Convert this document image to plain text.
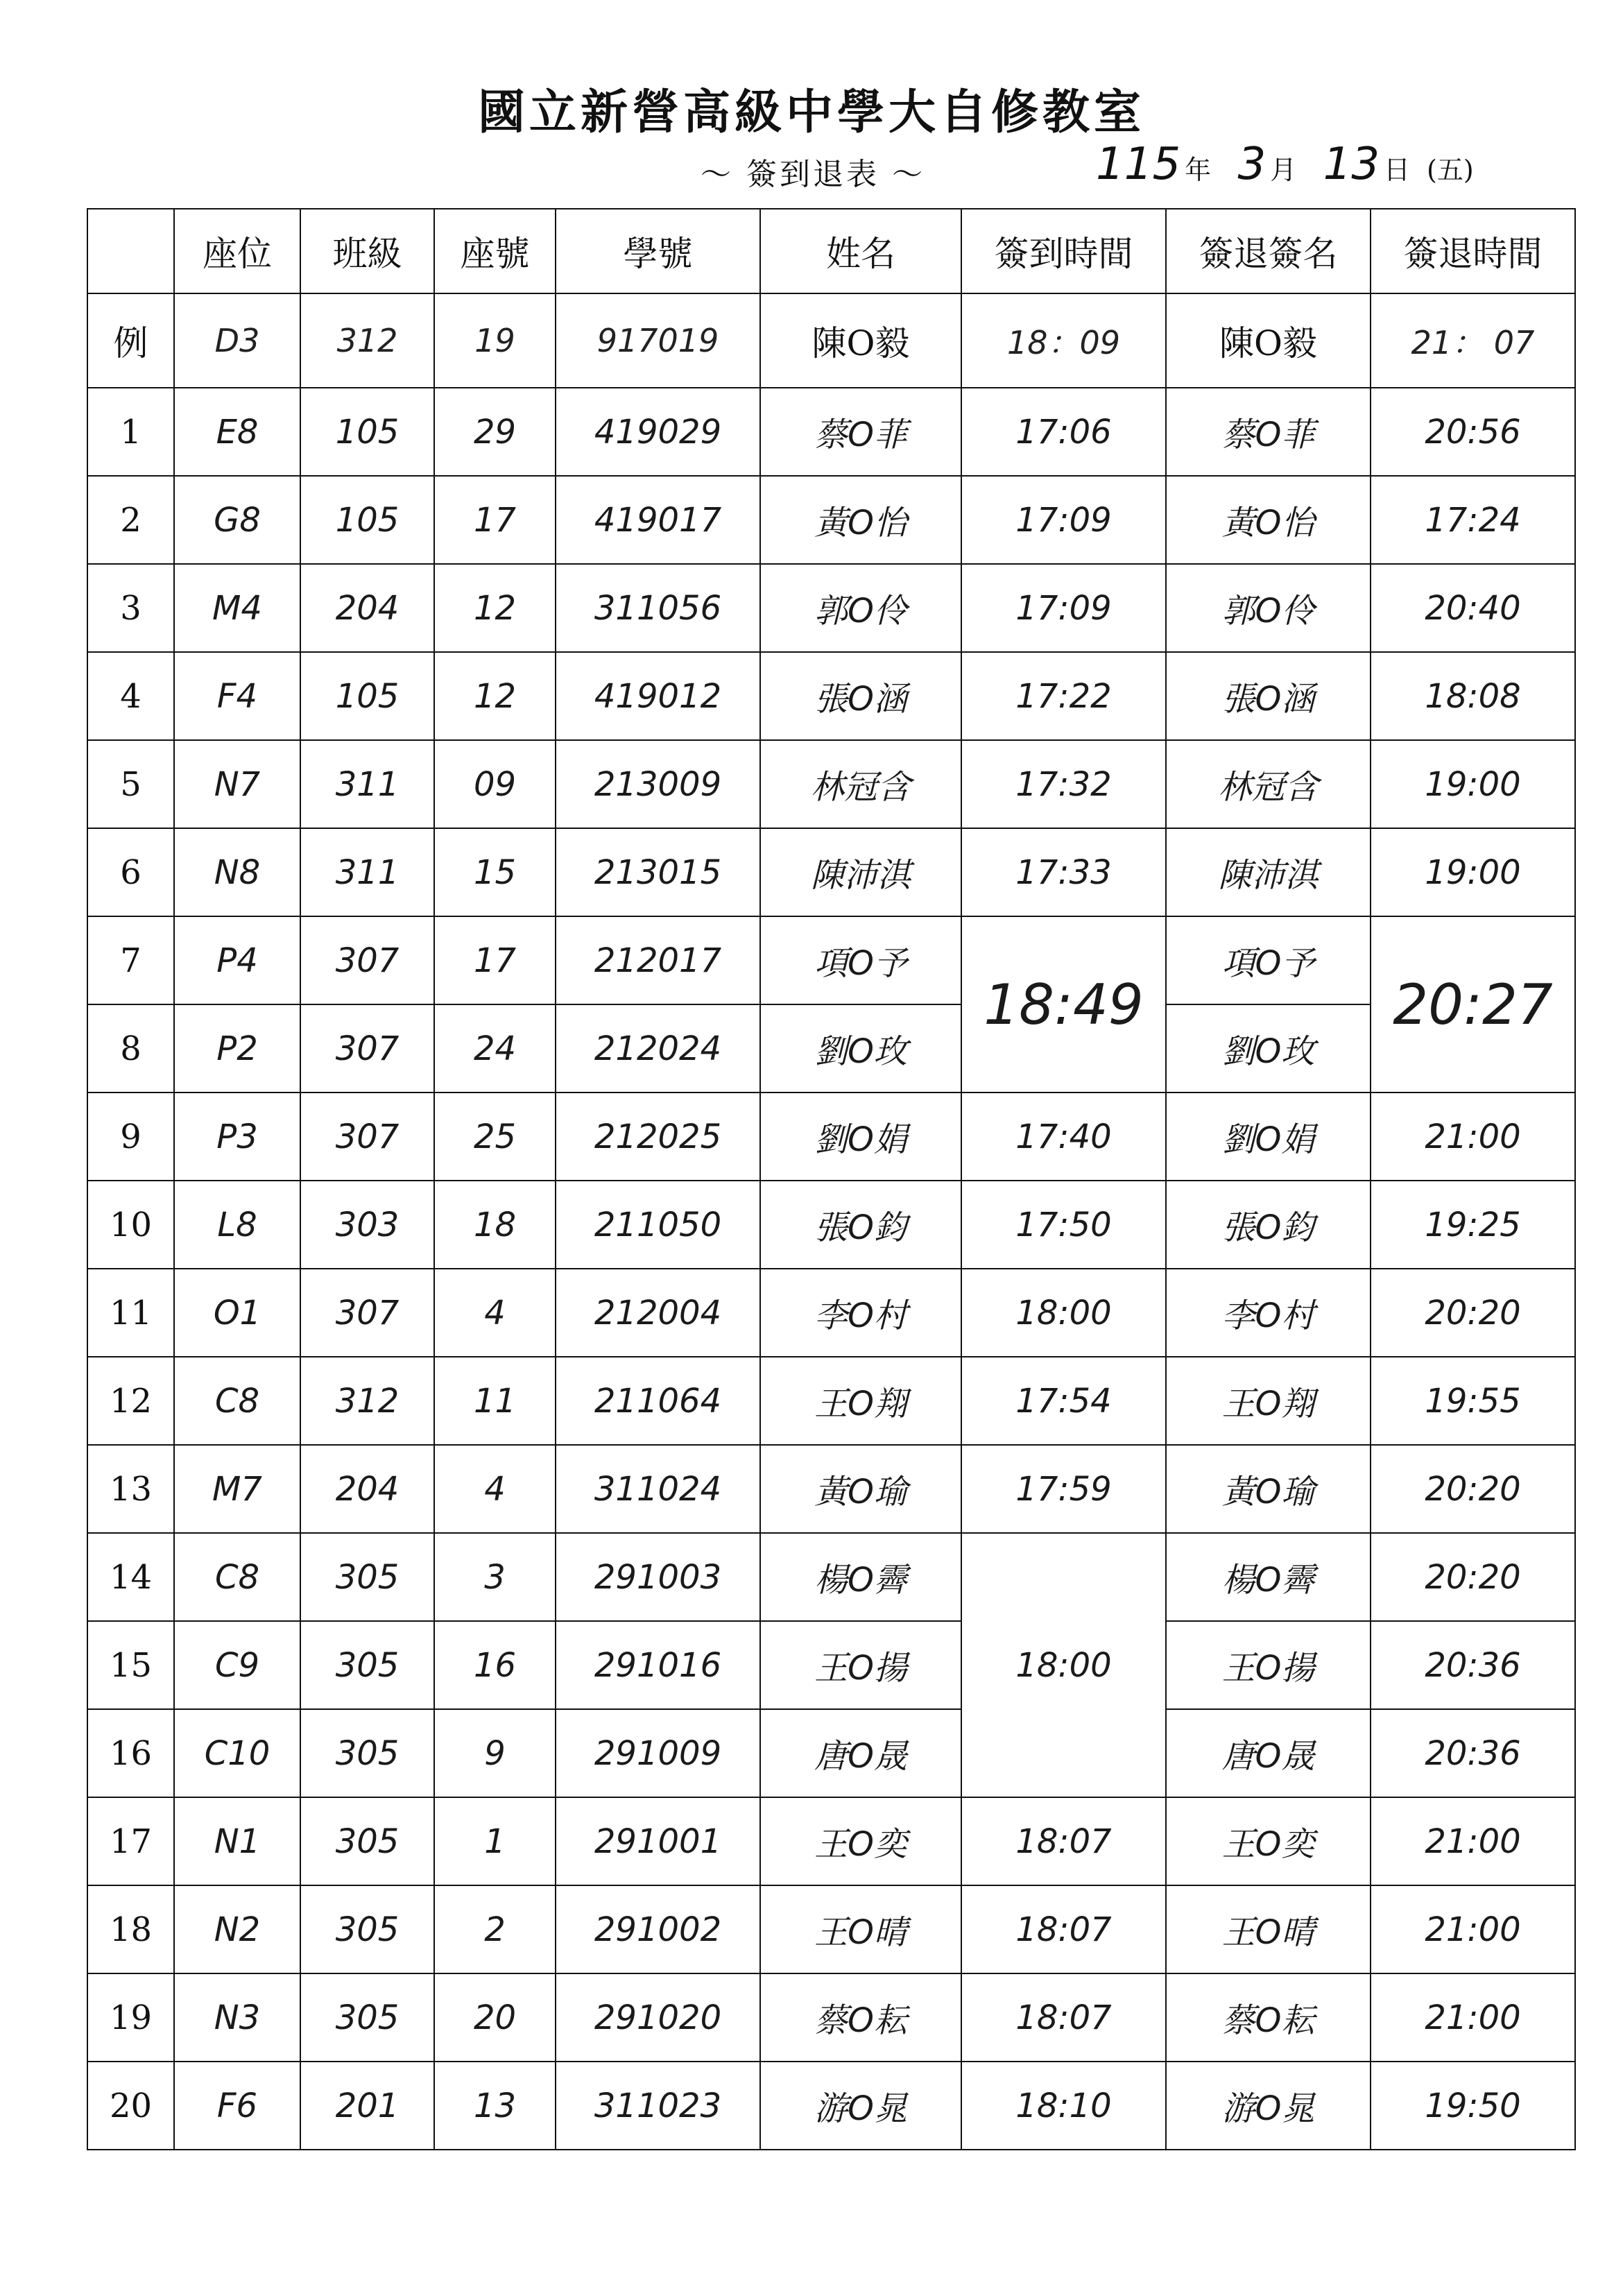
國立新營高級中學大自修教室
～ 簽到退表 ～	115 年 3 月 13 日 (五)
	座位	班級	座號	學號	姓名	簽到時間	簽退簽名	簽退時間
例	D3	312	19	917019	陳O毅	18：09	陳O毅	21： 07
1	E8	105	29	419029	蔡O菲	17:06	蔡O菲	20:56
2	G8	105	17	419017	黃O怡	17:09	黃O怡	17:24
3	M4	204	12	311056	郭O伶	17:09	郭O伶	20:40
4	F4	105	12	419012	張O涵	17:22	張O涵	18:08
5	N7	311	09	213009	林冠含	17:32	林冠含	19:00
6	N8	311	15	213015	陳沛淇	17:33	陳沛淇	19:00
7	P4	307	17	212017	項O予	18:49	項O予	20:27
8	P2	307	24	212024	劉O玫		劉O玫	
9	P3	307	25	212025	劉O娟	17:40	劉O娟	21:00
10	L8	303	18	211050	張O鈞	17:50	張O鈞	19:25
11	O1	307	4	212004	李O村	18:00	李O村	20:20
12	C8	312	11	211064	王O翔	17:54	王O翔	19:55
13	M7	204	4	311024	黃O瑜	17:59	黃O瑜	20:20
14	C8	305	3	291003	楊O霽	18:00	楊O霽	20:20
15	C9	305	16	291016	王O揚		王O揚	20:36
16	C10	305	9	291009	唐O晟		唐O晟	20:36
17	N1	305	1	291001	王O奕	18:07	王O奕	21:00
18	N2	305	2	291002	王O晴	18:07	王O晴	21:00
19	N3	305	20	291020	蔡O耘	18:07	蔡O耘	21:00
20	F6	201	13	311023	游O晁	18:10	游O晁	19:50
